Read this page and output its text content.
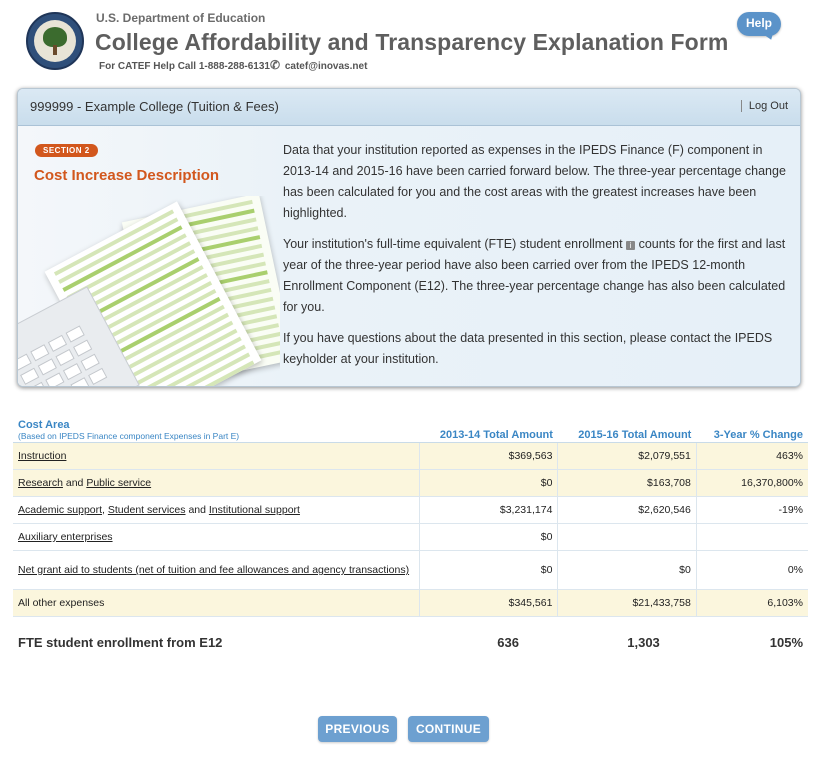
U.S. Department of Education
College Affordability and Transparency Explanation Form
For CATEF Help Call 1-888-288-6131✆ catef@inovas.net
Help
999999 - Example College (Tuition & Fees)	Log Out
SECTION 2
Cost Increase Description

Data that your institution reported as expenses in the IPEDS Finance (F) component in 2013-14 and 2015-16 have been carried forward below. The three-year percentage change has been calculated for you and the cost areas with the greatest increases have been highlighted.

Your institution's full-time equivalent (FTE) student enrollment i counts for the first and last year of the three-year period have also been carried over from the IPEDS 12-month Enrollment Component (E12). The three-year percentage change has also been calculated for you.

If you have questions about the data presented in this section, please contact the IPEDS keyholder at your institution.

Cost Area
(Based on IPEDS Finance component Expenses in Part E)	2013-14 Total Amount	2015-16 Total Amount	3-Year % Change
Instruction	$369,563	$2,079,551	463%
Research and Public service	$0	$163,708	16,370,800%
Academic support, Student services and Institutional support	$3,231,174	$2,620,546	-19%
Auxiliary enterprises	$0		
Net grant aid to students (net of tuition and fee allowances and agency transactions)	$0	$0	0%
All other expenses	$345,561	$21,433,758	6,103%
FTE student enrollment from E12	636	1,303	105%
PREVIOUS	CONTINUE
